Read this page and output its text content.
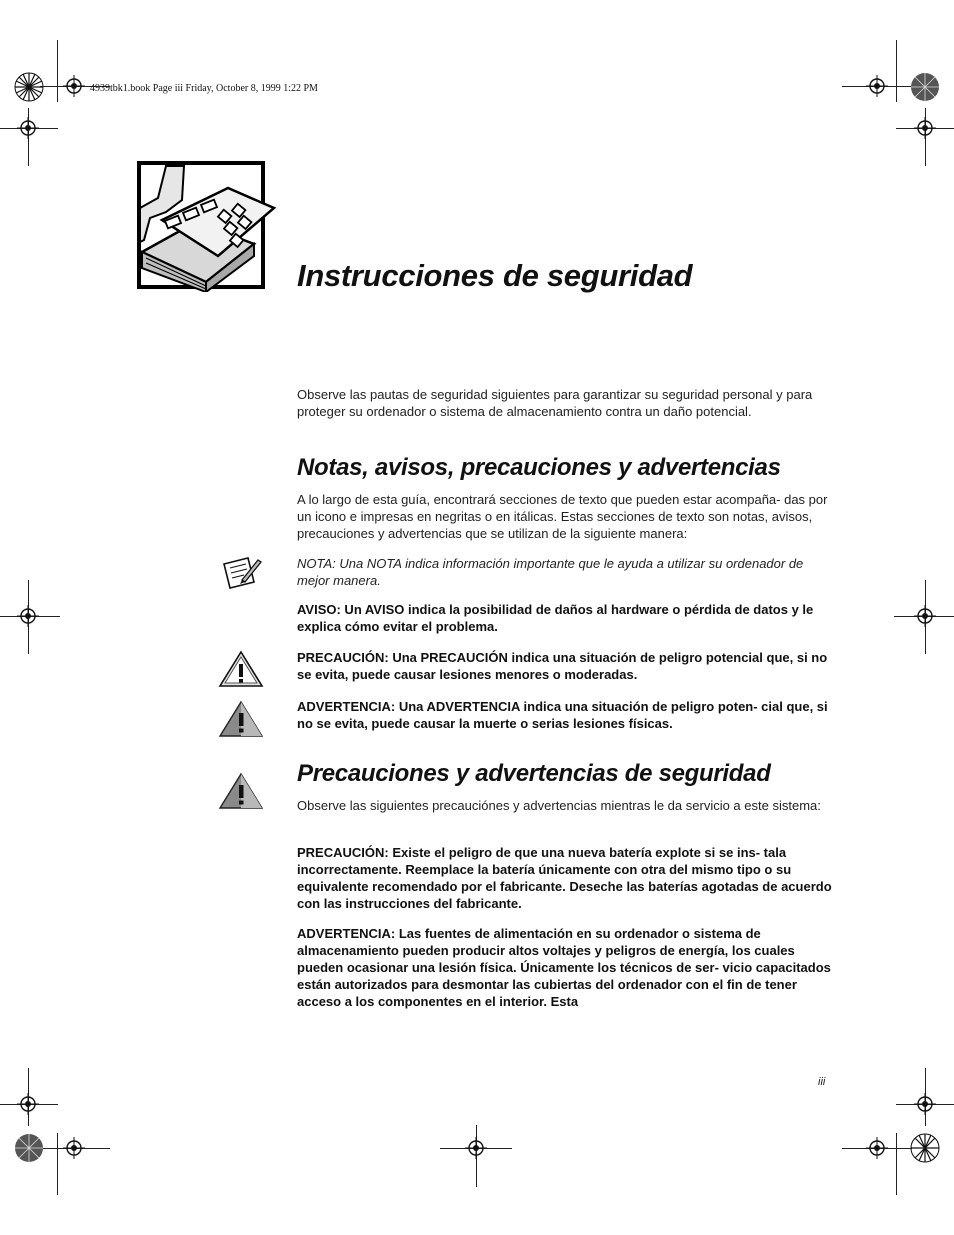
4939tbk1.book Page iii Friday, October 8, 1999 1:22 PM
Instrucciones de seguridad
Observe las pautas de seguridad siguientes para garantizar su seguridad personal y para proteger su ordenador o sistema de almacenamiento contra un daño potencial.
Notas, avisos, precauciones y advertencias
A lo largo de esta guía, encontrará secciones de texto que pueden estar acompaña- das por un icono e impresas en negritas o en itálicas. Estas secciones de texto son notas, avisos, precauciones y advertencias que se utilizan de la siguiente manera:
NOTA: Una NOTA indica información importante que le ayuda a utilizar su ordenador de mejor manera.
AVISO: Un AVISO indica la posibilidad de daños al hardware o pérdida de datos y le explica cómo evitar el problema.
PRECAUCIÓN: Una PRECAUCIÓN indica una situación de peligro potencial que, si no se evita, puede causar lesiones menores o moderadas.
ADVERTENCIA: Una ADVERTENCIA indica una situación de peligro poten- cial que, si no se evita, puede causar la muerte o serias lesiones físicas.
Precauciones y advertencias de seguridad
Observe las siguientes precauciónes y advertencias mientras le da servicio a este sistema:
PRECAUCIÓN: Existe el peligro de que una nueva batería explote si se ins- tala incorrectamente. Reemplace la batería únicamente con otra del mismo tipo o su equivalente recomendado por el fabricante. Deseche las baterías agotadas de acuerdo con las instrucciones del fabricante.
ADVERTENCIA: Las fuentes de alimentación en su ordenador o sistema de almacenamiento pueden producir altos voltajes y peligros de energía, los cuales pueden ocasionar una lesión física. Únicamente los técnicos de ser- vicio capacitados están autorizados para desmontar las cubiertas del ordenador con el fin de tener acceso a los componentes en el interior. Esta
iii
